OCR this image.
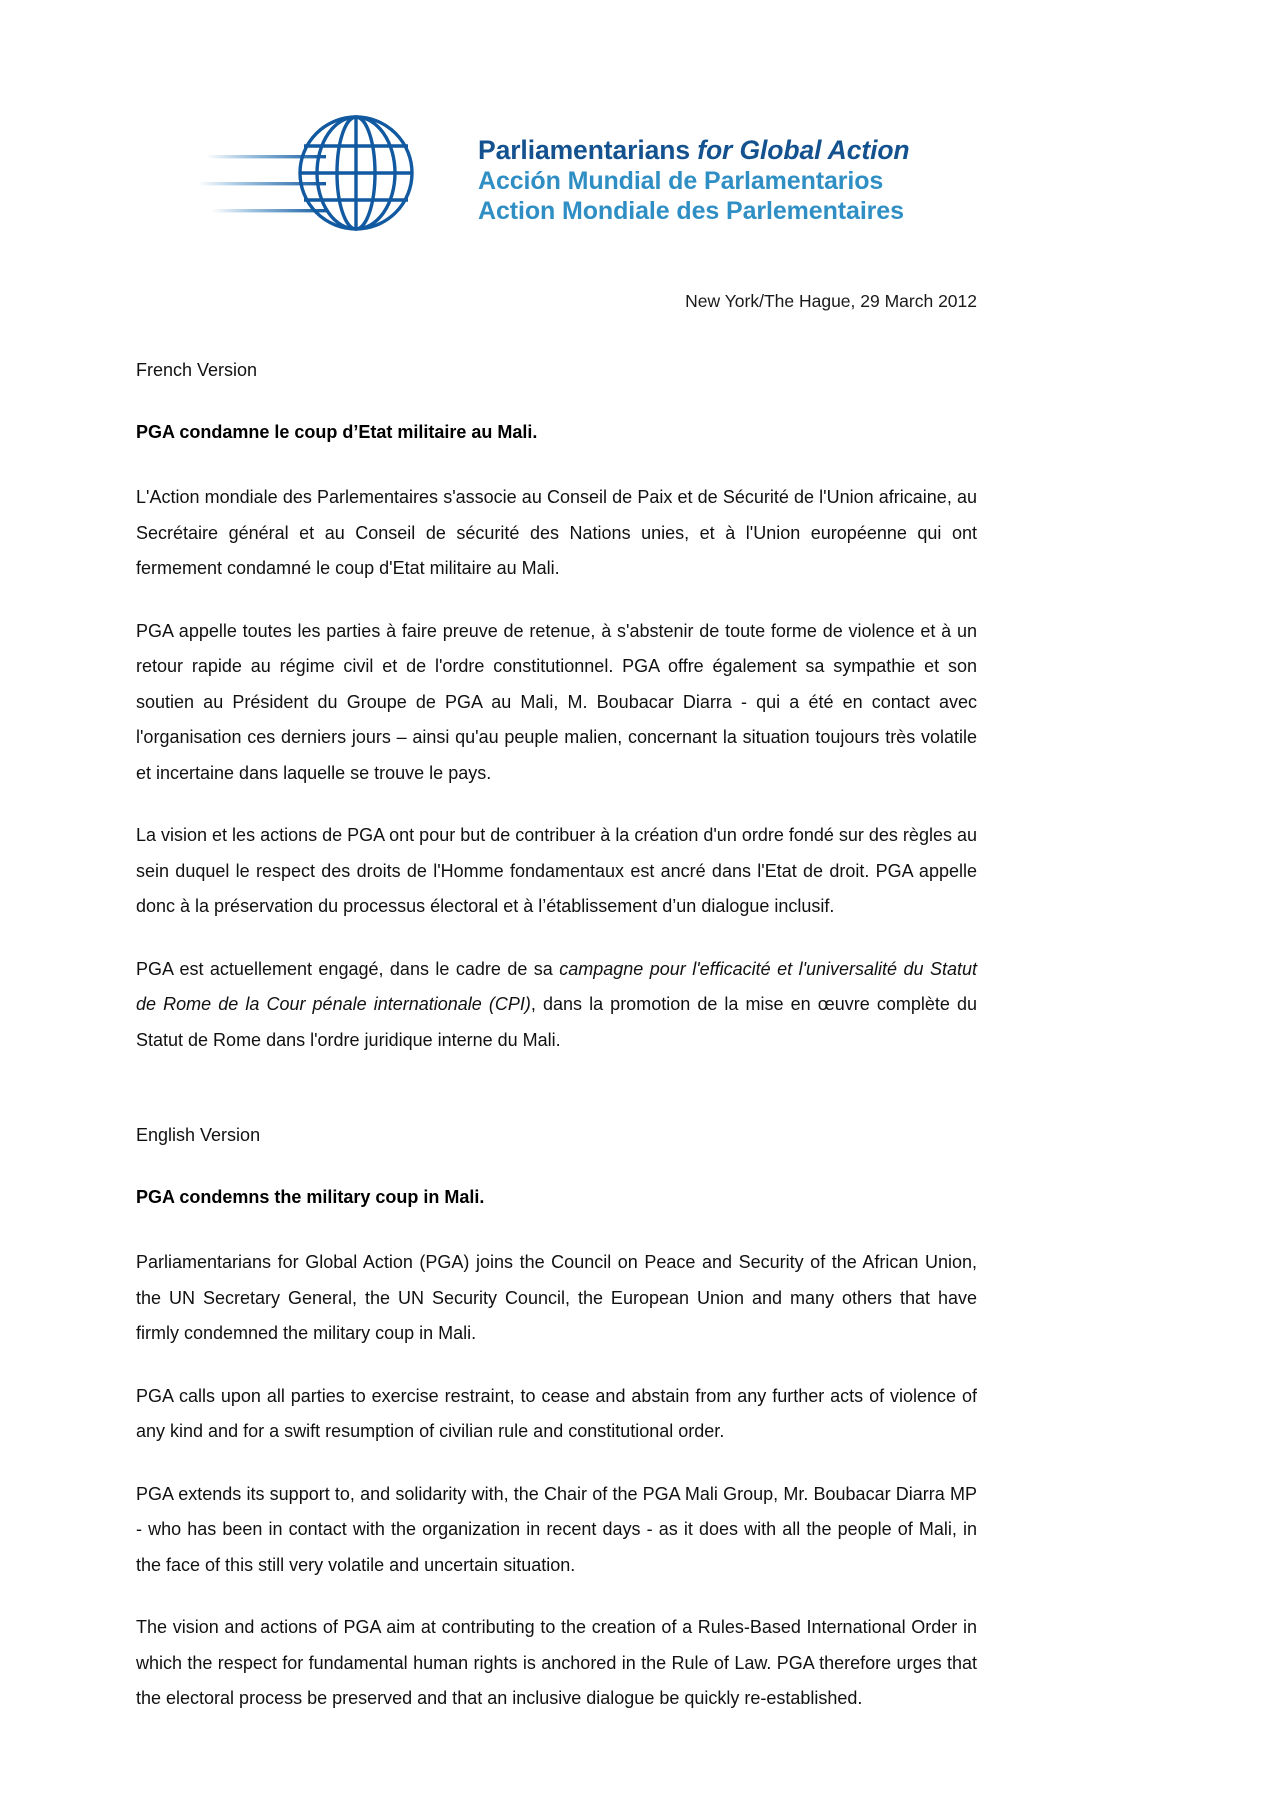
Parliamentarians for Global Action
Acción Mundial de Parlamentarios
Action Mondiale des Parlementaires
New York/The Hague, 29 March 2012
French Version
PGA condamne le coup d’Etat militaire au Mali.

L'Action mondiale des Parlementaires s'associe au Conseil de Paix et de Sécurité de l'Union africaine, au Secrétaire général et au Conseil de sécurité des Nations unies, et à l'Union européenne qui ont fermement condamné le coup d'Etat militaire au Mali.

PGA appelle toutes les parties à faire preuve de retenue, à s'abstenir de toute forme de violence et à un retour rapide au régime civil et de l'ordre constitutionnel. PGA offre également sa sympathie et son soutien au Président du Groupe de PGA au Mali, M. Boubacar Diarra - qui a été en contact avec l'organisation ces derniers jours – ainsi qu'au peuple malien, concernant la situation toujours très volatile et incertaine dans laquelle se trouve le pays.

La vision et les actions de PGA ont pour but de contribuer à la création d'un ordre fondé sur des règles au sein duquel le respect des droits de l'Homme fondamentaux est ancré dans l'Etat de droit. PGA appelle donc à la préservation du processus électoral et à l’établissement d’un dialogue inclusif.

PGA est actuellement engagé, dans le cadre de sa campagne pour l'efficacité et l'universalité du Statut de Rome de la Cour pénale internationale (CPI), dans la promotion de la mise en œuvre complète du Statut de Rome dans l'ordre juridique interne du Mali.

English Version
PGA condemns the military coup in Mali.

Parliamentarians for Global Action (PGA) joins the Council on Peace and Security of the African Union, the UN Secretary General, the UN Security Council, the European Union and many others that have firmly condemned the military coup in Mali.

PGA calls upon all parties to exercise restraint, to cease and abstain from any further acts of violence of any kind and for a swift resumption of civilian rule and constitutional order.

PGA extends its support to, and solidarity with, the Chair of the PGA Mali Group, Mr. Boubacar Diarra MP - who has been in contact with the organization in recent days - as it does with all the people of Mali, in the face of this still very volatile and uncertain situation.

The vision and actions of PGA aim at contributing to the creation of a Rules-Based International Order in which the respect for fundamental human rights is anchored in the Rule of Law. PGA therefore urges that the electoral process be preserved and that an inclusive dialogue be quickly re-established.
